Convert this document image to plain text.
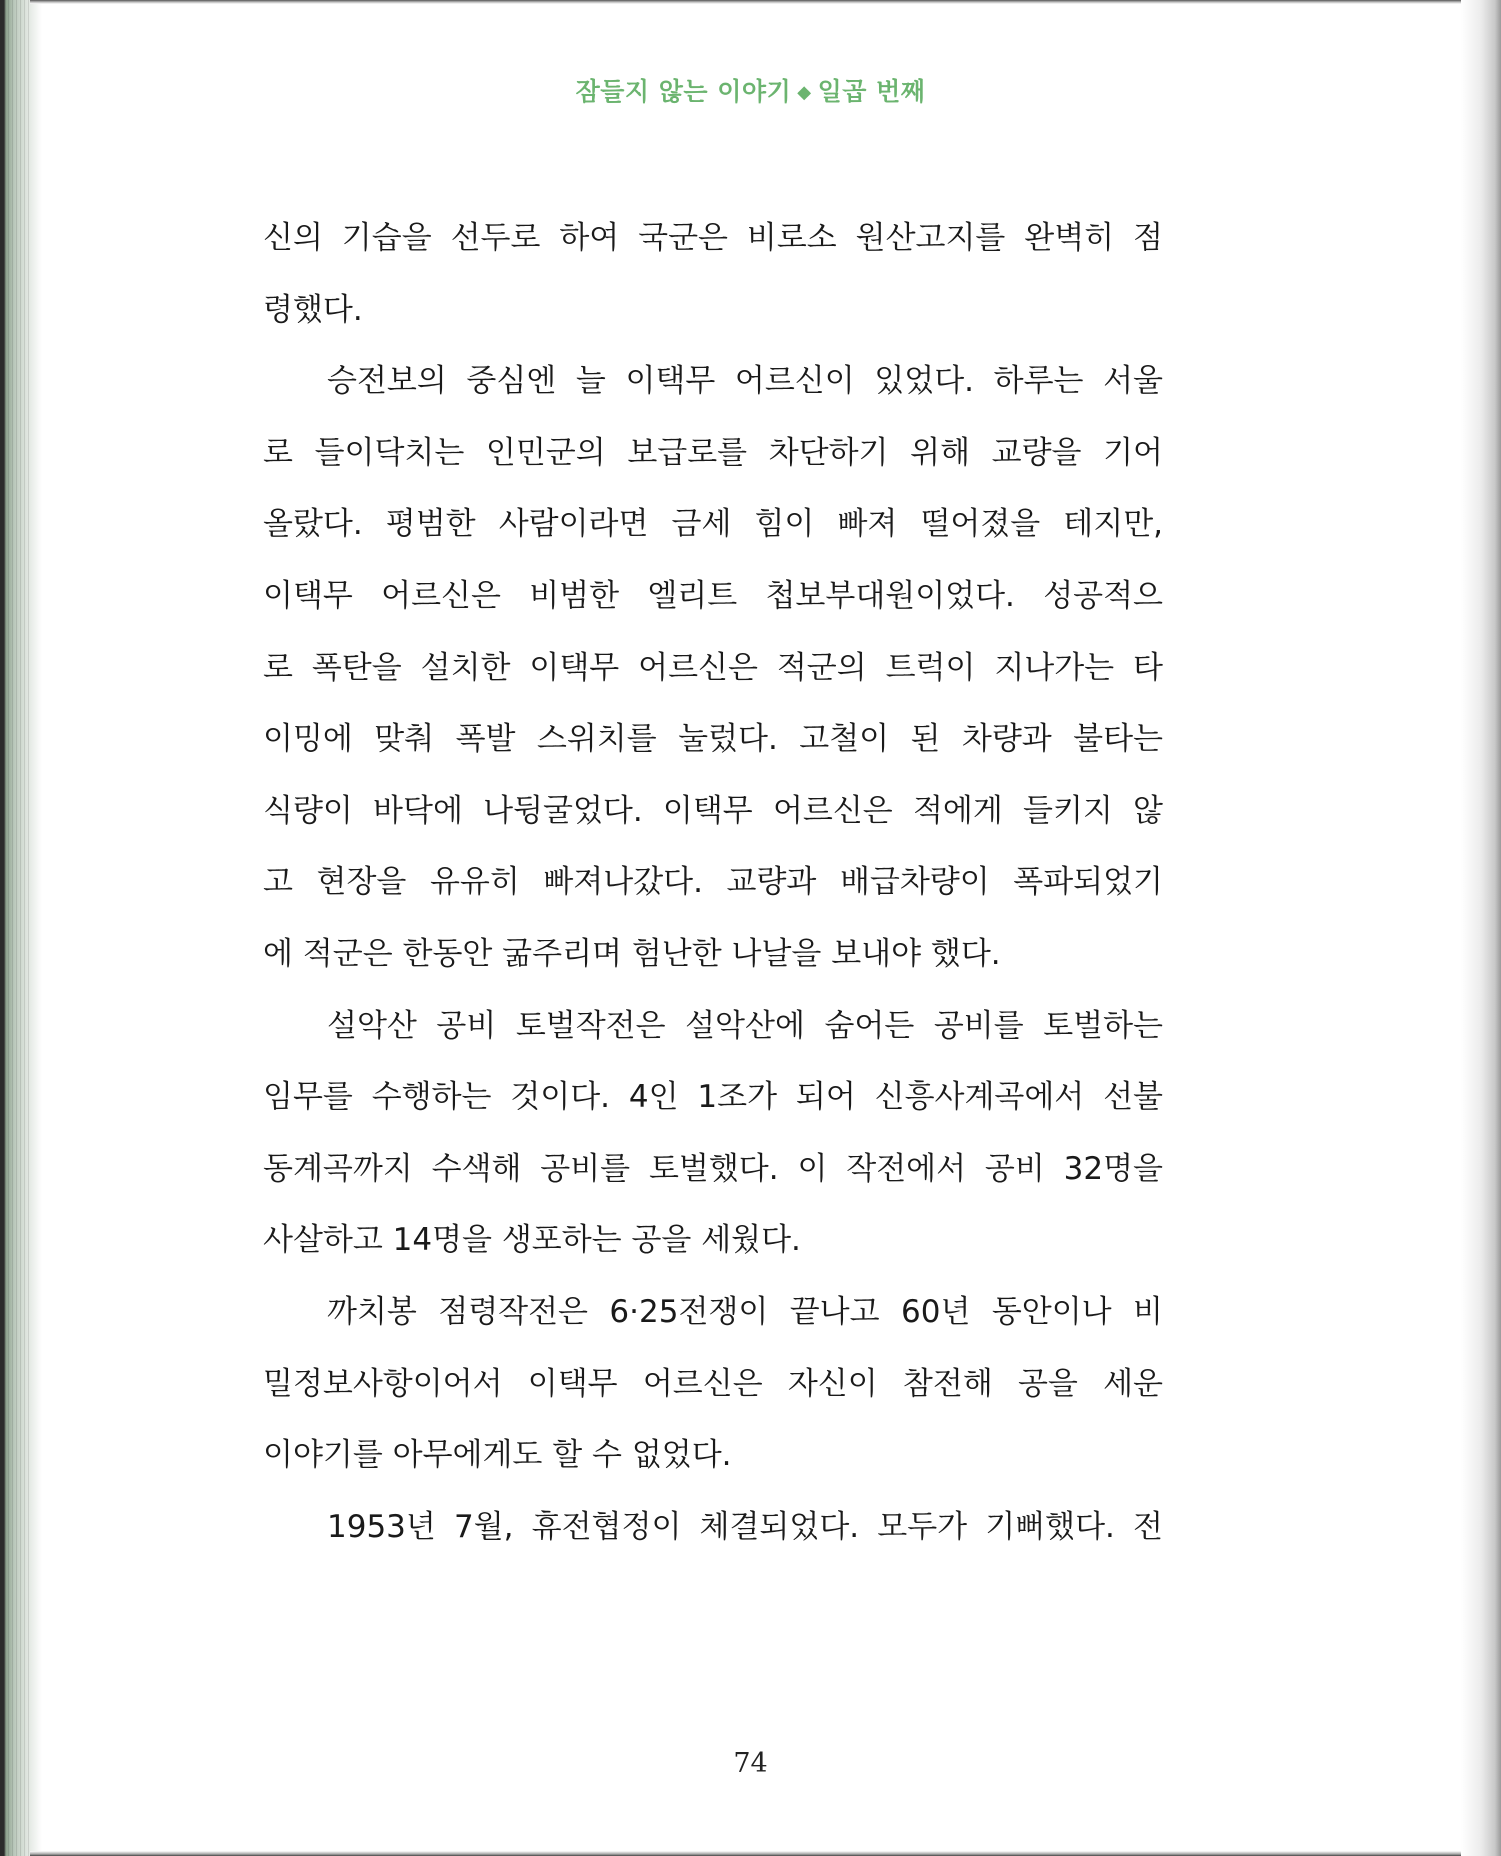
잠들지 않는 이야기 ◆ 일곱 번째
신의 기습을 선두로 하여 국군은 비로소 원산고지를 완벽히 점
령했다.
승전보의 중심엔 늘 이택무 어르신이 있었다. 하루는 서울
로 들이닥치는 인민군의 보급로를 차단하기 위해 교량을 기어
올랐다. 평범한 사람이라면 금세 힘이 빠져 떨어졌을 테지만,
이택무 어르신은 비범한 엘리트 첩보부대원이었다. 성공적으
로 폭탄을 설치한 이택무 어르신은 적군의 트럭이 지나가는 타
이밍에 맞춰 폭발 스위치를 눌렀다. 고철이 된 차량과 불타는
식량이 바닥에 나뒹굴었다. 이택무 어르신은 적에게 들키지 않
고 현장을 유유히 빠져나갔다. 교량과 배급차량이 폭파되었기
에 적군은 한동안 굶주리며 험난한 나날을 보내야 했다.
설악산 공비 토벌작전은 설악산에 숨어든 공비를 토벌하는
임무를 수행하는 것이다. 4인 1조가 되어 신흥사계곡에서 선불
동계곡까지 수색해 공비를 토벌했다. 이 작전에서 공비 32명을
사살하고 14명을 생포하는 공을 세웠다.
까치봉 점령작전은 6·25전쟁이 끝나고 60년 동안이나 비
밀정보사항이어서 이택무 어르신은 자신이 참전해 공을 세운
이야기를 아무에게도 할 수 없었다.
1953년 7월, 휴전협정이 체결되었다. 모두가 기뻐했다. 전
74
